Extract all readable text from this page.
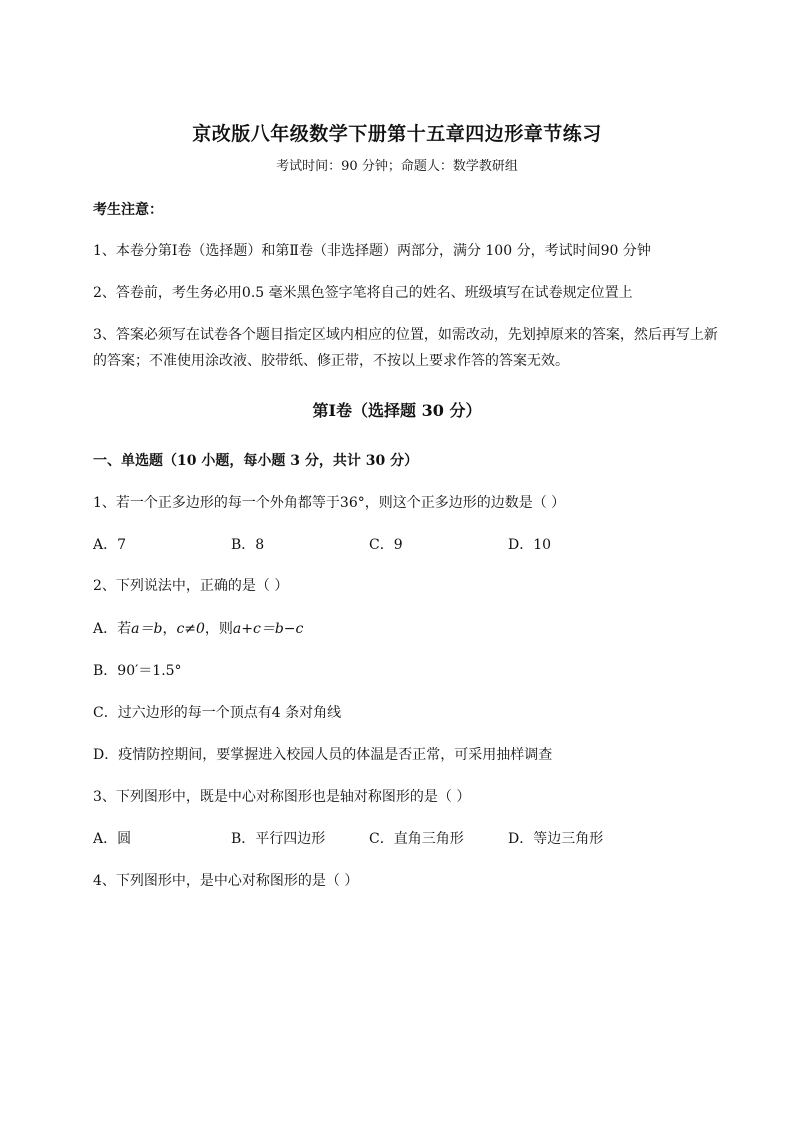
京改版八年级数学下册第十五章四边形章节练习
考试时间：90 分钟；命题人：数学教研组
考生注意：
1、本卷分第Ⅰ卷（选择题）和第Ⅱ卷（非选择题）两部分，满分 100 分，考试时间90 分钟
2、答卷前，考生务必用0.5 毫米黑色签字笔将自己的姓名、班级填写在试卷规定位置上
3、答案必须写在试卷各个题目指定区域内相应的位置，如需改动，先划掉原来的答案，然后再写上新
的答案；不准使用涂改液、胶带纸、修正带，不按以上要求作答的答案无效。
第Ⅰ卷（选择题 30 分）
一、单选题（10 小题，每小题 3 分，共计 30 分）
1、若一个正多边形的每一个外角都等于36°，则这个正多边形的边数是（ ）
A．7	B．8	C．9	D．10
2、下列说法中，正确的是（ ）
A．若a＝b，c≠0，则a+c＝b−c
B．90′＝1.5°
C．过六边形的每一个顶点有4 条对角线
D．疫情防控期间，要掌握进入校园人员的体温是否正常，可采用抽样调查
3、下列图形中，既是中心对称图形也是轴对称图形的是（ ）
A．圆	B．平行四边形	C．直角三角形	D．等边三角形
4、下列图形中，是中心对称图形的是（ ）
